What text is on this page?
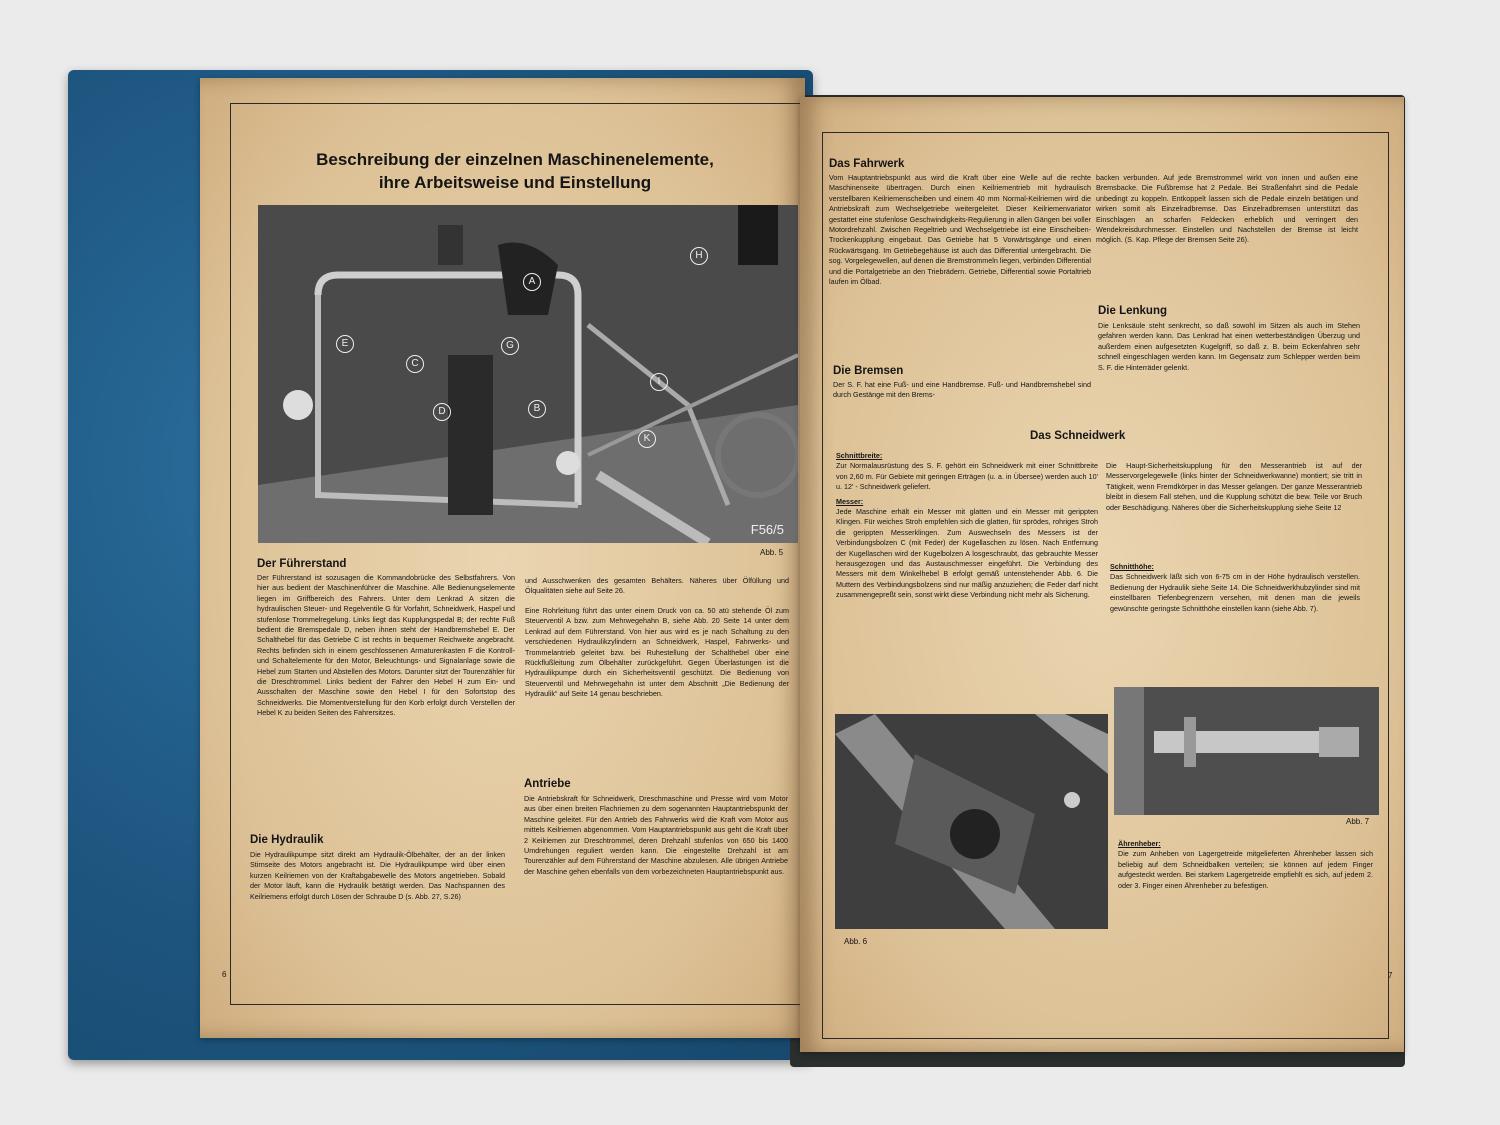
Beschreibung der einzelnen Maschinenelemente,
ihre Arbeitsweise und Einstellung
A
B
C
D
E	G
H
I
K
F56/5
Abb. 5
Der Führerstand
Der Führerstand ist sozusagen die Kommandobrücke des Selbstfahrers. Von hier aus bedient der Maschinenführer die Maschine. Alle Bedienungselemente liegen im Griffbereich des Fahrers. Unter dem Lenkrad A sitzen die hydraulischen Steuer- und Regelventile G für Vorfahrt, Schneidwerk, Haspel und stufenlose Trommelregelung. Links liegt das Kupplungspedal B; der rechte Fuß bedient die Bremspedale D, neben ihnen steht der Handbremshebel E. Der Schalthebel für das Getriebe C ist rechts in bequemer Reichweite angebracht. Rechts befinden sich in einem geschlossenen Armaturenkasten F die Kontroll- und Schaltelemente für den Motor, Beleuchtungs- und Signalanlage sowie die Hebel zum Starten und Abstellen des Motors. Darunter sitzt der Tourenzähler für die Dreschtrommel. Links bedient der Fahrer den Hebel H zum Ein- und Ausschalten der Maschine sowie den Hebel I für den Sofortstop des Schneidwerks. Die Momentverstellung für den Korb erfolgt durch Verstellen der Hebel K zu beiden Seiten des Fahrersitzes.
Die Hydraulik
Die Hydraulikpumpe sitzt direkt am Hydraulik-Ölbehälter, der an der linken Stirnseite des Motors angebracht ist. Die Hydraulikpumpe wird über einen kurzen Keilriemen von der Kraftabgabewelle des Motors angetrieben. Sobald der Motor läuft, kann die Hydraulik betätigt werden. Das Nachspannen des Keilriemens erfolgt durch Lösen der Schraube D (s. Abb. 27, S.26)
und Ausschwenken des gesamten Behälters. Näheres über Ölfüllung und Ölqualitäten siehe auf Seite 26.
Eine Rohrleitung führt das unter einem Druck von ca. 50 atü stehende Öl zum Steuerventil A bzw. zum Mehrwegehahn B, siehe Abb. 20 Seite 14 unter dem Lenkrad auf dem Führerstand. Von hier aus wird es je nach Schaltung zu den verschiedenen Hydraulikzylindern an Schneidwerk, Haspel, Fahrwerks- und Trommelantrieb geleitet bzw. bei Ruhestellung der Schalthebel über eine Rückflußleitung zum Ölbehälter zurückgeführt. Gegen Überlastungen ist die Hydraulikpumpe durch ein Sicherheitsventil geschützt. Die Bedienung von Steuerventil und Mehrwegehahn ist unter dem Abschnitt „Die Bedienung der Hydraulik“ auf Seite 14 genau beschrieben.
Antriebe
Die Antriebskraft für Schneidwerk, Dreschmaschine und Presse wird vom Motor aus über einen breiten Flachriemen zu dem sogenannten Hauptantriebspunkt der Maschine geleitet. Für den Antrieb des Fahrwerks wird die Kraft vom Motor aus mittels Keilriemen abgenommen. Vom Hauptantriebspunkt aus geht die Kraft über 2 Keilriemen zur Dreschtrommel, deren Drehzahl stufenlos von 650 bis 1400 Umdrehungen reguliert werden kann. Die eingestellte Drehzahl ist am Tourenzähler auf dem Führerstand der Maschine abzulesen. Alle übrigen Antriebe der Maschine gehen ebenfalls von dem vorbezeichneten Hauptantriebspunkt aus.
6
Das Fahrwerk
Vom Hauptantriebspunkt aus wird die Kraft über eine Welle auf die rechte Maschinenseite übertragen. Durch einen Keilriementrieb mit hydraulisch verstellbaren Keilriemenscheiben und einem 40 mm Normal-Keilriemen wird die Antriebskraft zum Wechselgetriebe weitergeleitet. Dieser Keilriemenvariator gestattet eine stufenlose Geschwindigkeits-Regulierung in allen Gängen bei voller Motordrehzahl. Zwischen Regeltrieb und Wechselgetriebe ist eine Einscheiben-Trockenkupplung eingebaut. Das Getriebe hat 5 Vorwärtsgänge und einen Rückwärtsgang. Im Getriebegehäuse ist auch das Differential untergebracht. Die sog. Vorgelegewellen, auf denen die Bremstrommeln liegen, verbinden Differential und die Portalgetriebe an den Triebrädern. Getriebe, Differential sowie Portaltrieb laufen im Ölbad.
Die Bremsen
Der S. F. hat eine Fuß- und eine Handbremse. Fuß- und Handbremshebel sind durch Gestänge mit den Brems-
backen verbunden. Auf jede Bremstrommel wirkt von innen und außen eine Bremsbacke. Die Fußbremse hat 2 Pedale. Bei Straßenfahrt sind die Pedale unbedingt zu koppeln. Entkoppelt lassen sich die Pedale einzeln betätigen und wirken somit als Einzelradbremse. Das Einzelradbremsen unterstützt das Einschlagen an scharfen Feldecken erheblich und verringert den Wendekreisdurchmesser. Einstellen und Nachstellen der Bremse ist leicht möglich. (S. Kap. Pflege der Bremsen Seite 26).
Die Lenkung
Die Lenksäule steht senkrecht, so daß sowohl im Sitzen als auch im Stehen gefahren werden kann. Das Lenkrad hat einen wetterbeständigen Überzug und außerdem einen aufgesetzten Kugelgriff, so daß z. B. beim Eckenfahren sehr schnell eingeschlagen werden kann. Im Gegensatz zum Schlepper werden beim S. F. die Hinterräder gelenkt.
Das Schneidwerk
Schnittbreite:
Zur Normalausrüstung des S. F. gehört ein Schneidwerk mit einer Schnittbreite von 2,60 m. Für Gebiete mit geringen Erträgen (u. a. in Übersee) werden auch 10' u. 12' - Schneidwerk geliefert.
Messer:
Jede Maschine erhält ein Messer mit glatten und ein Messer mit gerippten Klingen. Für weiches Stroh empfehlen sich die glatten, für sprödes, rohriges Stroh die gerippten Messerklingen. Zum Auswechseln des Messers ist der Verbindungsbolzen C (mit Feder) der Kugellaschen zu lösen. Nach Entfernung der Kugellaschen wird der Kugelbolzen A losgeschraubt, das gebrauchte Messer herausgezogen und das Austauschmesser eingeführt. Die Verbindung des Messers mit dem Winkelhebel B erfolgt gemäß untenstehender Abb. 6. Die Muttern des Verbindungsbolzens sind nur mäßig anzuziehen; die Feder darf nicht zusammengepreßt sein, sonst wirkt diese Verbindung nicht mehr als Sicherung.
Die Haupt-Sicherheitskupplung für den Messerantrieb ist auf der Messervorgelegewelle (links hinter der Schneidwerkwanne) montiert; sie tritt in Tätigkeit, wenn Fremdkörper in das Messer gelangen. Der ganze Messerantrieb bleibt in diesem Fall stehen, und die Kupplung schützt die bew. Teile vor Bruch oder Beschädigung. Näheres über die Sicherheitskupplung siehe Seite 12
Schnitthöhe:
Das Schneidwerk läßt sich von 6-75 cm in der Höhe hydraulisch verstellen. Bedienung der Hydraulik siehe Seite 14. Die Schneidwerkhubzylinder sind mit einstellbaren Tiefenbegrenzern versehen, mit denen man die jeweils gewünschte geringste Schnitthöhe einstellen kann (siehe Abb. 7).
Abb. 6
Abb. 7
Ährenheber:
Die zum Anheben von Lagergetreide mitgelieferten Ährenheber lassen sich beliebig auf dem Schneidbalken verteilen; sie können auf jedem Finger aufgesteckt werden. Bei starkem Lagergetreide empfiehlt es sich, auf jedem 2. oder 3. Finger einen Ährenheber zu befestigen.
7
